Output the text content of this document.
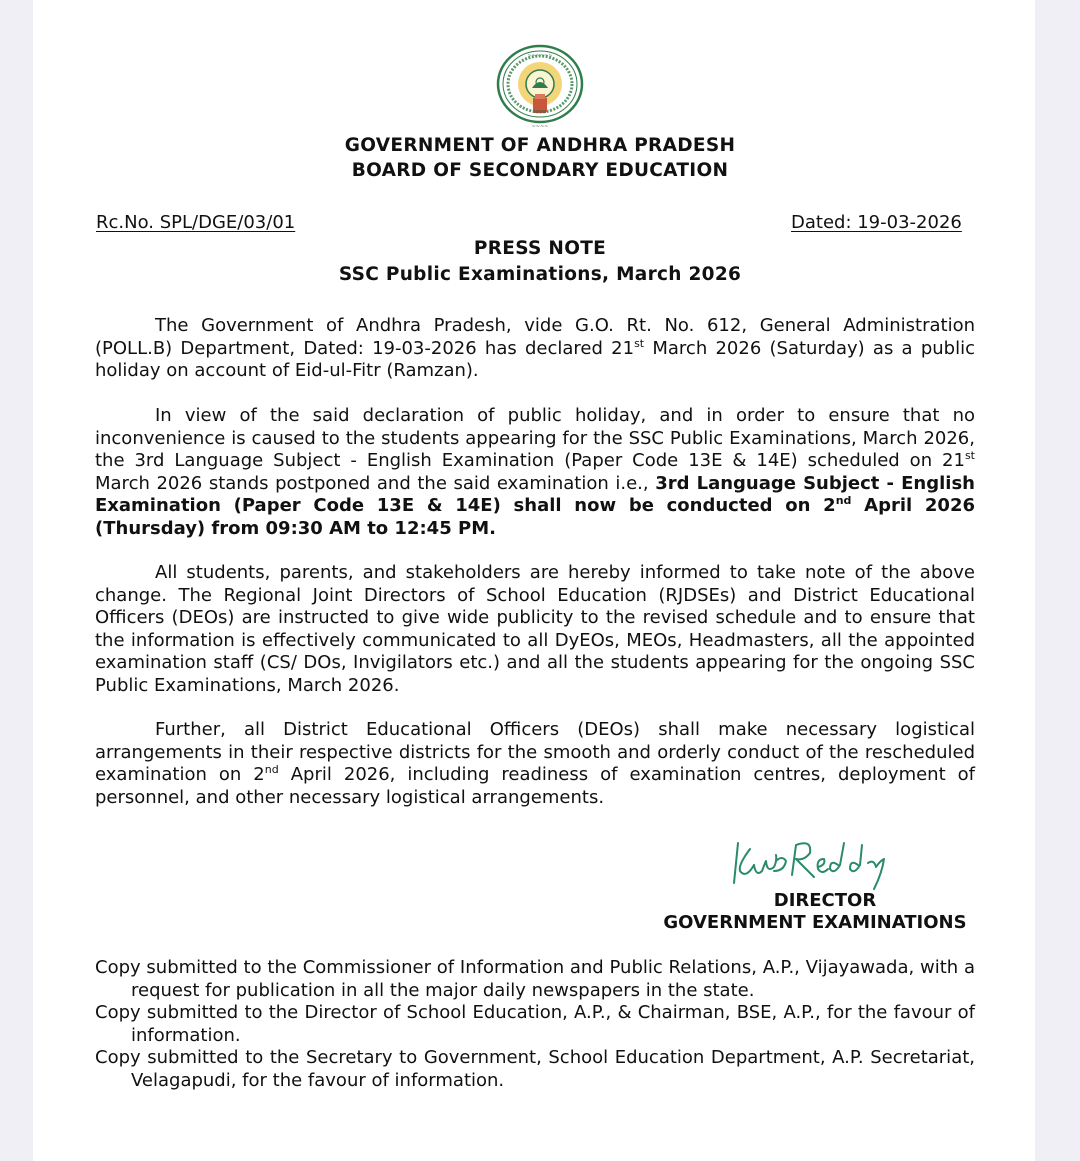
~~~~~~
~~~~
GOVERNMENT OF ANDHRA PRADESH
BOARD OF SECONDARY EDUCATION
Rc.No. SPL/DGE/03/01	Dated: 19-03-2026
PRESS NOTE
SSC Public Examinations, March 2026

The Government of Andhra Pradesh, vide G.O. Rt. No. 612, General Administration (POLL.B) Department, Dated: 19-03-2026 has declared 21st March 2026 (Saturday) as a public holiday on account of Eid-ul-Fitr (Ramzan).

In view of the said declaration of public holiday, and in order to ensure that no inconvenience is caused to the students appearing for the SSC Public Examinations, March 2026, the 3rd Language Subject - English Examination (Paper Code 13E & 14E) scheduled on 21st March 2026 stands postponed and the said examination i.e., 3rd Language Subject - English Examination (Paper Code 13E & 14E) shall now be conducted on 2nd April 2026 (Thursday) from 09:30 AM to 12:45 PM.

All students, parents, and stakeholders are hereby informed to take note of the above change. The Regional Joint Directors of School Education (RJDSEs) and District Educational Officers (DEOs) are instructed to give wide publicity to the revised schedule and to ensure that the information is effectively communicated to all DyEOs, MEOs, Headmasters, all the appointed examination staff (CS/ DOs, Invigilators etc.) and all the students appearing for the ongoing SSC Public Examinations, March 2026.

Further, all District Educational Officers (DEOs) shall make necessary logistical arrangements in their respective districts for the smooth and orderly conduct of the rescheduled examination on 2nd April 2026, including readiness of examination centres, deployment of personnel, and other necessary logistical arrangements.

DIRECTOR
GOVERNMENT EXAMINATIONS
Copy submitted to the Commissioner of Information and Public Relations, A.P., Vijayawada, with a request for publication in all the major daily newspapers in the state.
Copy submitted to the Director of School Education, A.P., & Chairman, BSE, A.P., for the favour of information.
Copy submitted to the Secretary to Government, School Education Department, A.P. Secretariat, Velagapudi, for the favour of information.
